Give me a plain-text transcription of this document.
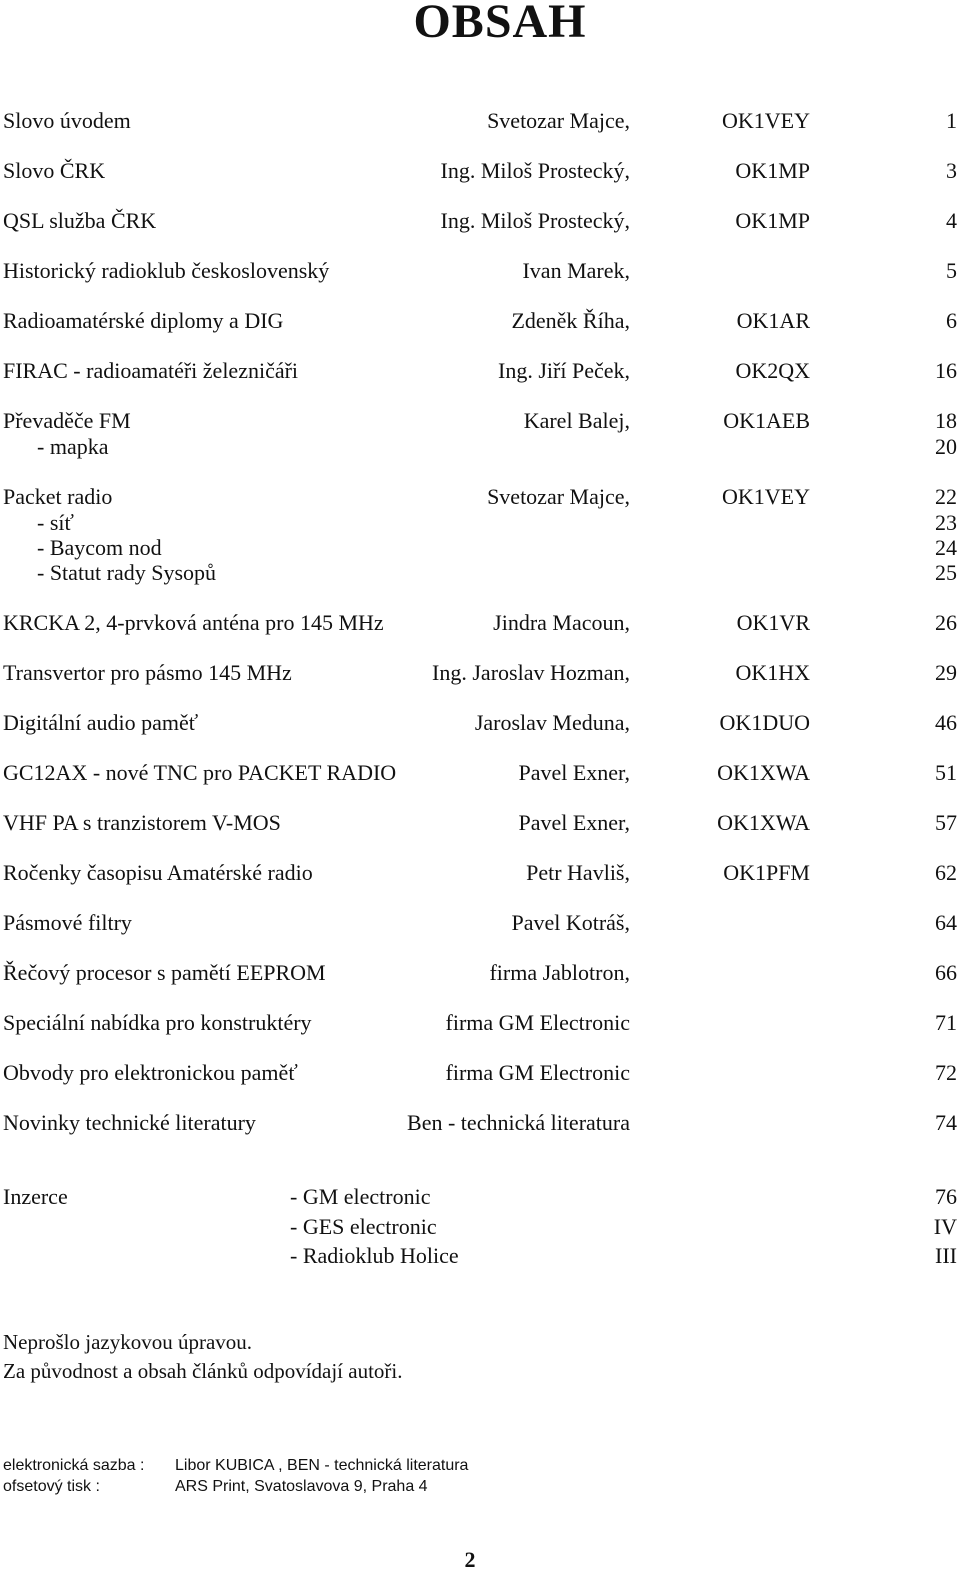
OBSAH
Slovo úvodem	Svetozar Majce,	OK1VEY	1
Slovo ČRK	Ing. Miloš Prostecký,	OK1MP	3
QSL služba ČRK	Ing. Miloš Prostecký,	OK1MP	4
Historický radioklub československý	Ivan Marek,	5
Radioamatérské diplomy a DIG	Zdeněk Říha,	OK1AR	6
FIRAC - radioamatéři železničáři	Ing. Jiří Peček,	OK2QX	16
Převaděče FM	Karel Balej,	OK1AEB	18
- mapka	20
Packet radio	Svetozar Majce,	OK1VEY	22
- síť	23
- Baycom nod	24
- Statut rady Sysopů	25
KRCKA 2, 4-prvková anténa pro 145 MHz	Jindra Macoun,	OK1VR	26
Transvertor pro pásmo 145 MHz	Ing. Jaroslav Hozman,	OK1HX	29
Digitální audio paměť	Jaroslav Meduna,	OK1DUO	46
GC12AX - nové TNC pro PACKET RADIO	Pavel Exner,	OK1XWA	51
VHF PA s tranzistorem V-MOS	Pavel Exner,	OK1XWA	57
Ročenky časopisu Amatérské radio	Petr Havliš,	OK1PFM	62
Pásmové filtry	Pavel Kotráš,	64
Řečový procesor s pamětí EEPROM	firma Jablotron,	66
Speciální nabídka pro konstruktéry	firma GM Electronic	71
Obvody pro elektronickou paměť	firma GM Electronic	72
Novinky technické literatury	Ben - technická literatura	74
Inzerce	- GM electronic	76
- GES electronic	IV
- Radioklub Holice	III
Neprošlo jazykovou úpravou.
Za původnost a obsah článků odpovídají autoři.
elektronická sazba : Libor KUBICA , BEN - technická literatura
ofsetový tisk :	ARS Print, Svatoslavova 9, Praha 4
2
